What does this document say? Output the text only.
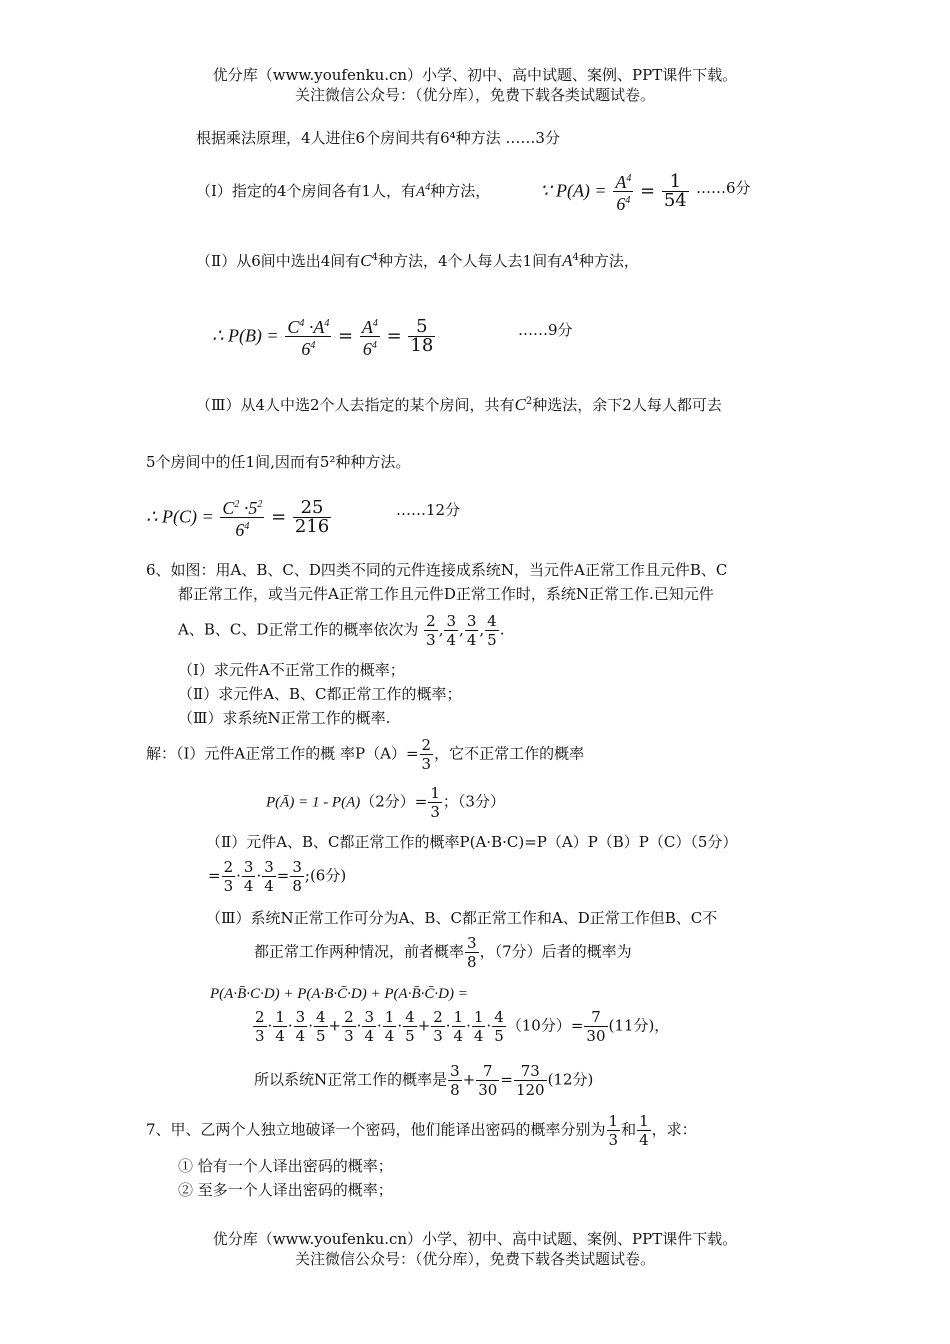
优分库（www.youfenku.cn）小学、初中、高中试题、案例、PPT课件下载。
关注微信公众号：（优分库），免费下载各类试题试卷。
根据乘法原理，4人进住6个房间共有6⁴种方法 ……3分
（Ⅰ）指定的4个房间各有1人，有$A^4$种方法，	∵ $P(A) = \frac{A^4}{6^4} = \frac{1}{54}$ ……6分
（Ⅱ）从6间中选出4间有$C^4$种方法，4个人每人去1间有$A^4$种方法，
∴ $P(B) = \frac{C^4 \cdot A^4}{6^4} = \frac{A^4}{6^4} = \frac{5}{18}$	……9分
（Ⅲ）从4人中选2个人去指定的某个房间，共有$C^2$种选法，余下2人每人都可去
5个房间中的任1间,因而有5²种种方法。
∴ $P(C) = \frac{C^2 \cdot 5^2}{6^4} = \frac{25}{216}$	……12分
6、如图：用A、B、C、D四类不同的元件连接成系统N，当元件A正常工作且元件B、C
都正常工作，或当元件A正常工作且元件D正常工作时，系统N正常工作.已知元件
A、B、C、D正常工作的概率依次为 $\frac{2}{3}$ , $\frac{3}{4}$ , $\frac{3}{4}$ , $\frac{4}{5}$ .
（Ⅰ）求元件A不正常工作的概率；
（Ⅱ）求元件A、B、C都正常工作的概率；
（Ⅲ）求系统N正常工作的概率.
解：（Ⅰ）元件A正常工作的概 率$P(A)= \frac{2}{3}$ ，它不正常工作的概率
P(Ā) = 1 - P(A)（2分）= $\frac{1}{3}$ ；（3分）
（Ⅱ）元件A、B、C都正常工作的概率P(A·B·C)=P（A）P（B）P（C）（5分）
= $\frac{2}{3} \cdot \frac{3}{4} \cdot \frac{3}{4} = \frac{3}{8}$ ;(6分)
（Ⅲ）系统N正常工作可分为A、B、C都正常工作和A、D正常工作但B、C不
都正常工作两种情况，前者概率 $\frac{3}{8}$ ，（7分）后者的概率为
P(A·B̄·C·D) + P(A·B·C̄·D) + P(A·B̄·C̄·D) =
$\frac{2}{3} \cdot \frac{1}{4} \cdot \frac{3}{4} \cdot \frac{4}{5} + \frac{2}{3} \cdot \frac{3}{4} \cdot \frac{1}{4} \cdot \frac{4}{5} + \frac{2}{3} \cdot \frac{1}{4} \cdot \frac{1}{4} \cdot \frac{4}{5} (10$分）= $\frac{7}{30} (11$分)，
所以系统N正常工作的概率是 $\frac{3}{8} + \frac{7}{30} = \frac{73}{120} (12$分)
7、甲、乙两个人独立地破译一个密码，他们能译出密码的概率分别为 $\frac{1}{3}$ 和 $\frac{1}{4}$ ，求：
① 恰有一个人译出密码的概率；
② 至多一个人译出密码的概率；
优分库（www.youfenku.cn）小学、初中、高中试题、案例、PPT课件下载。
关注微信公众号：（优分库），免费下载各类试题试卷。
